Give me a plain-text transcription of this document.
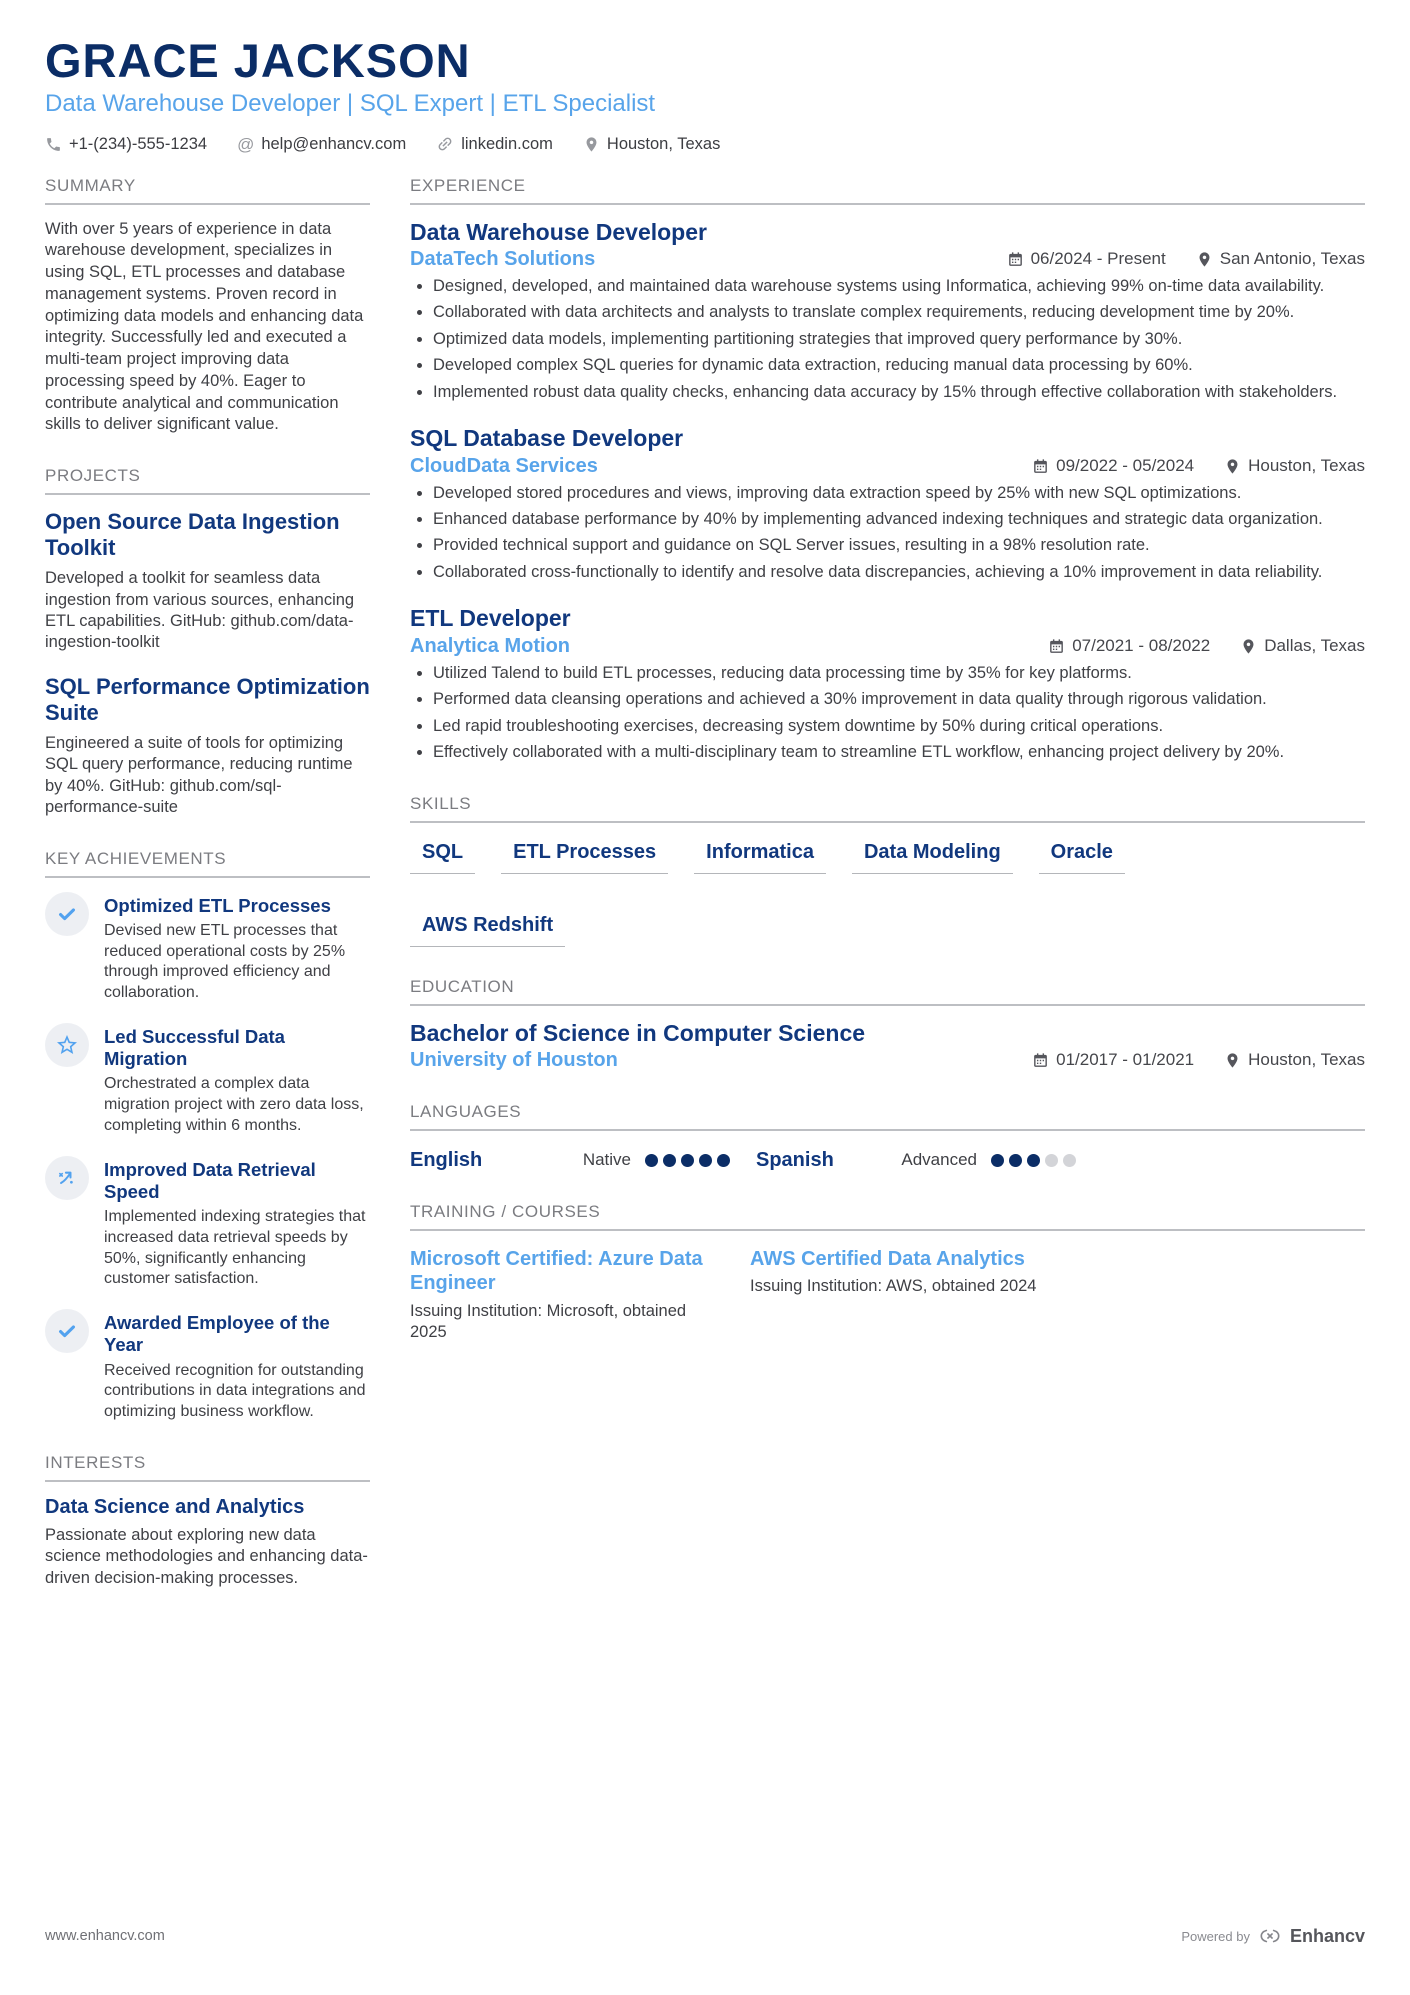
GRACE JACKSON
Data Warehouse Developer | SQL Expert | ETL Specialist
+1-(234)-555-1234 @	help@enhancv.com	linkedin.com	Houston, Texas
SUMMARY

With over 5 years of experience in data warehouse development, specializes in using SQL, ETL processes and database management systems. Proven record in optimizing data models and enhancing data integrity. Successfully led and executed a multi-team project improving data processing speed by 40%. Eager to contribute analytical and communication skills to deliver significant value.

PROJECTS
Open Source Data Ingestion Toolkit

Developed a toolkit for seamless data ingestion from various sources, enhancing ETL capabilities. GitHub: github.com/data-ingestion-toolkit

SQL Performance Optimization Suite

Engineered a suite of tools for optimizing SQL query performance, reducing runtime by 40%. GitHub: github.com/sql-performance-suite

KEY ACHIEVEMENTS
Optimized ETL Processes

Devised new ETL processes that reduced operational costs by 25% through improved efficiency and collaboration.

Led Successful Data Migration

Orchestrated a complex data migration project with zero data loss, completing within 6 months.

Improved Data Retrieval Speed

Implemented indexing strategies that increased data retrieval speeds by 50%, significantly enhancing customer satisfaction.

Awarded Employee of the Year

Received recognition for outstanding contributions in data integrations and optimizing business workflow.

INTERESTS
Data Science and Analytics

Passionate about exploring new data science methodologies and enhancing data-driven decision-making processes.

EXPERIENCE
Data Warehouse Developer
DataTech Solutions	06/2024 - Present	San Antonio, Texas
• Designed, developed, and maintained data warehouse systems using Informatica, achieving 99% on-time data availability.
• Collaborated with data architects and analysts to translate complex requirements, reducing development time by 20%.
• Optimized data models, implementing partitioning strategies that improved query performance by 30%.
• Developed complex SQL queries for dynamic data extraction, reducing manual data processing by 60%.
• Implemented robust data quality checks, enhancing data accuracy by 15% through effective collaboration with stakeholders.
SQL Database Developer
CloudData Services	09/2022 - 05/2024	Houston, Texas
• Developed stored procedures and views, improving data extraction speed by 25% with new SQL optimizations.
• Enhanced database performance by 40% by implementing advanced indexing techniques and strategic data organization.
• Provided technical support and guidance on SQL Server issues, resulting in a 98% resolution rate.
• Collaborated cross-functionally to identify and resolve data discrepancies, achieving a 10% improvement in data reliability.
ETL Developer
Analytica Motion	07/2021 - 08/2022	Dallas, Texas
• Utilized Talend to build ETL processes, reducing data processing time by 35% for key platforms.
• Performed data cleansing operations and achieved a 30% improvement in data quality through rigorous validation.
• Led rapid troubleshooting exercises, decreasing system downtime by 50% during critical operations.
• Effectively collaborated with a multi-disciplinary team to streamline ETL workflow, enhancing project delivery by 20%.
SKILLS
SQL	ETL Processes	Informatica	Data Modeling	Oracle
AWS Redshift
EDUCATION
Bachelor of Science in Computer Science
University of Houston	01/2017 - 01/2021	Houston, Texas
LANGUAGES
English	Native	Spanish	Advanced
TRAINING / COURSES
Microsoft Certified: Azure Data Engineer

Issuing Institution: Microsoft, obtained 2025

AWS Certified Data Analytics

Issuing Institution: AWS, obtained 2024

www.enhancv.com	Powered by Enhancv
